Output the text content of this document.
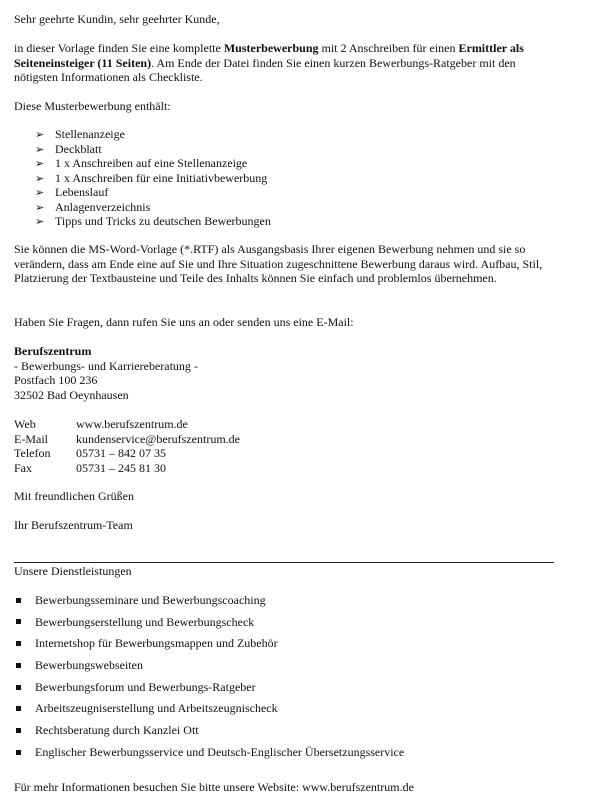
Sehr geehrte Kundin, sehr geehrter Kunde,

in dieser Vorlage finden Sie eine komplette Musterbewerbung mit 2 Anschreiben für einen Ermittler als Seiteneinsteiger (11 Seiten). Am Ende der Datei finden Sie einen kurzen Bewerbungs-Ratgeber mit den nötigsten Informationen als Checkliste.

Diese Musterbewerbung enthält:

➢ Stellenanzeige
➢ Deckblatt
➢ 1 x Anschreiben auf eine Stellenanzeige
➢ 1 x Anschreiben für eine Initiativbewerbung
➢ Lebenslauf
➢ Anlagenverzeichnis
➢ Tipps und Tricks zu deutschen Bewerbungen

Sie können die MS-Word-Vorlage (*.RTF) als Ausgangsbasis Ihrer eigenen Bewerbung nehmen und sie so verändern, dass am Ende eine auf Sie und Ihre Situation zugeschnittene Bewerbung daraus wird. Aufbau, Stil, Platzierung der Textbausteine und Teile des Inhalts können Sie einfach und problemlos übernehmen.

Haben Sie Fragen, dann rufen Sie uns an oder senden uns eine E-Mail:

Berufszentrum
- Bewerbungs- und Karriereberatung -
Postfach 100 236
32502 Bad Oeynhausen
Web	www.berufszentrum.de
E-Mail	kundenservice@berufszentrum.de
Telefon	05731 – 842 07 35
Fax	05731 – 245 81 30

Mit freundlichen Grüßen

Ihr Berufszentrum-Team

Unsere Dienstleistungen

Bewerbungsseminare und Bewerbungscoaching
Bewerbungserstellung und Bewerbungscheck
Internetshop für Bewerbungsmappen und Zubehör
Bewerbungswebseiten
Bewerbungsforum und Bewerbungs-Ratgeber
Arbeitszeugniserstellung und Arbeitszeugnischeck
Rechtsberatung durch Kanzlei Ott
Englischer Bewerbungsservice und Deutsch-Englischer Übersetzungsservice

Für mehr Informationen besuchen Sie bitte unsere Website: www.berufszentrum.de
